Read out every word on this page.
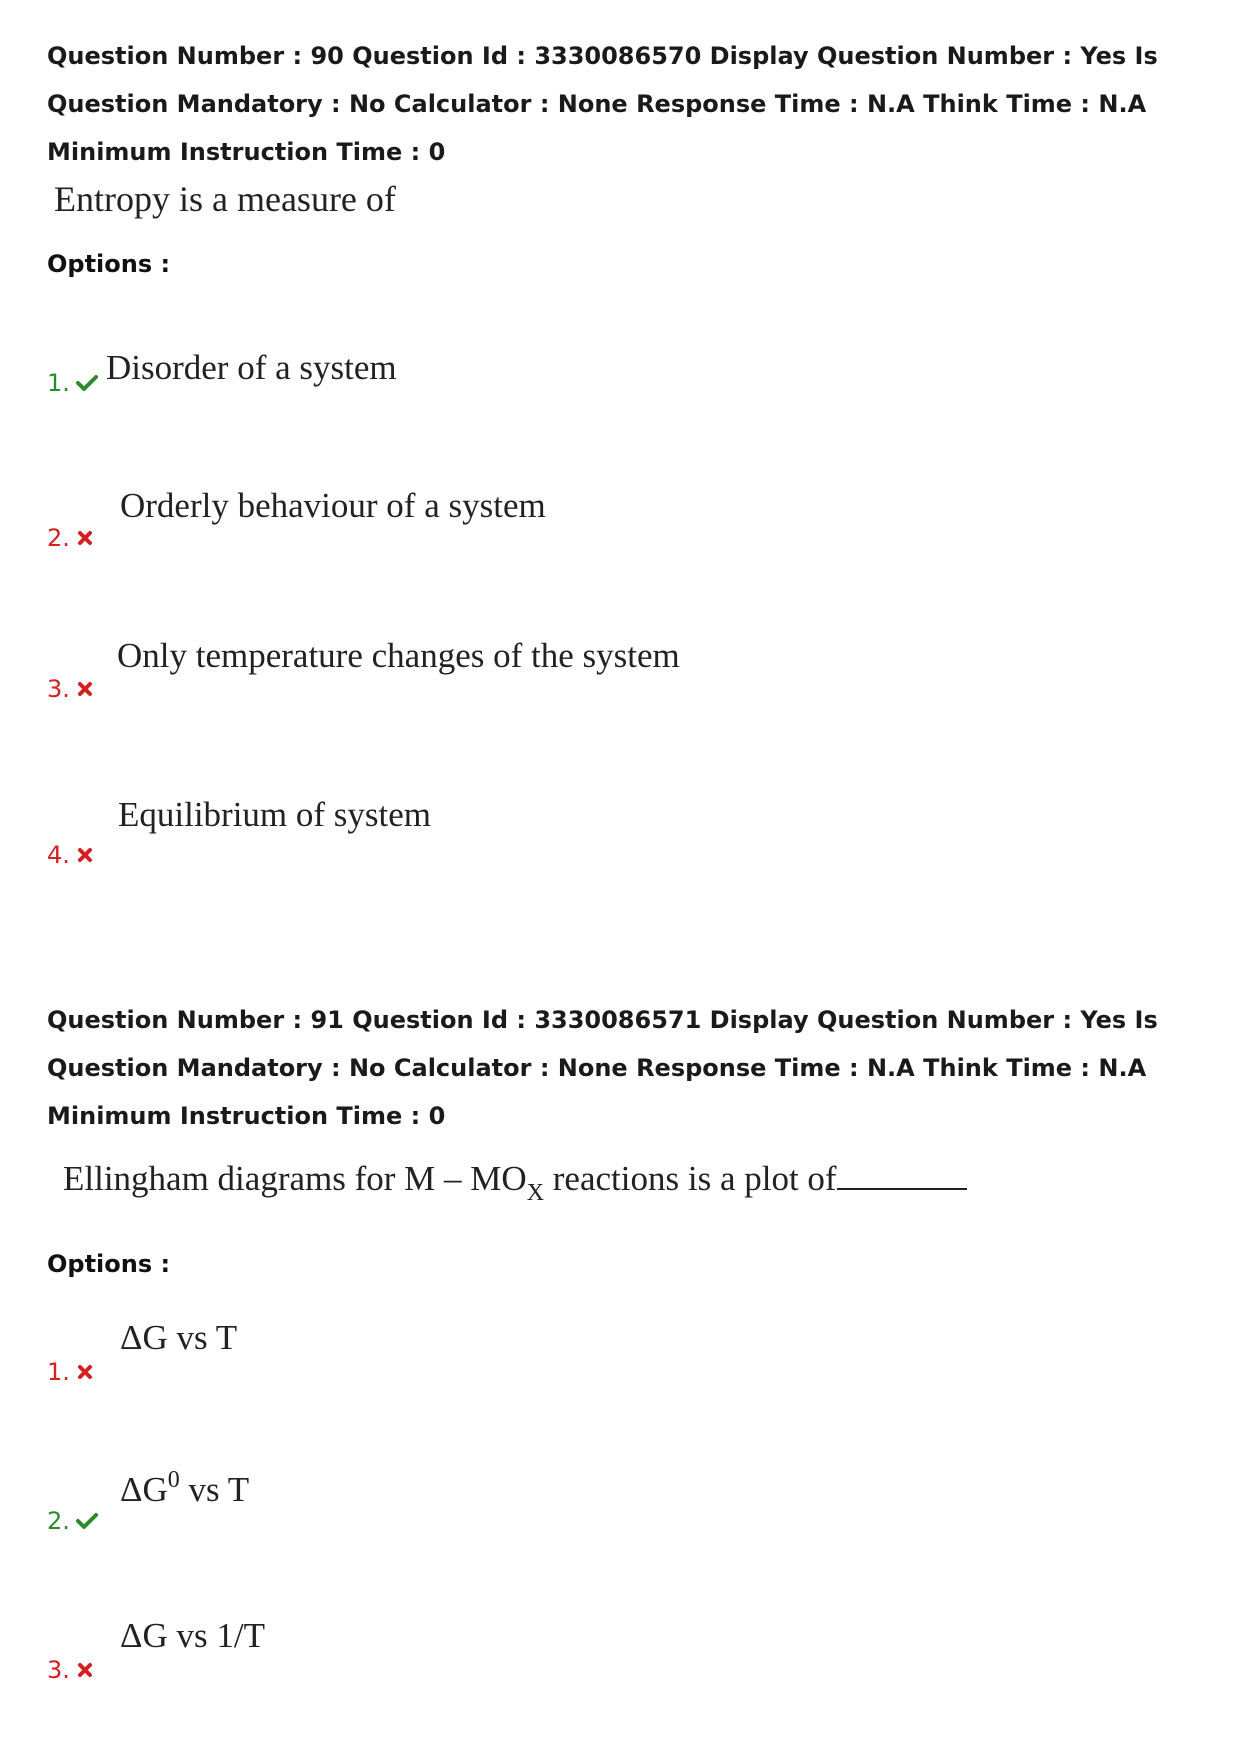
Question Number : 90 Question Id : 3330086570 Display Question Number : Yes Is Question Mandatory : No Calculator : None Response Time : N.A Think Time : N.A Minimum Instruction Time : 0
Entropy is a measure of
Options :
1.	Disorder of a system
2.
Orderly behaviour of a system
3.
Only temperature changes of the system
4.
Equilibrium of system
Question Number : 91 Question Id : 3330086571 Display Question Number : Yes Is Question Mandatory : No Calculator : None Response Time : N.A Think Time : N.A Minimum Instruction Time : 0
Ellingham diagrams for M – $MO_X$ reactions is a plot of
Options :
1.
ΔG vs T
2.
$\Delta G^0$ vs T
3.
ΔG vs 1/T
